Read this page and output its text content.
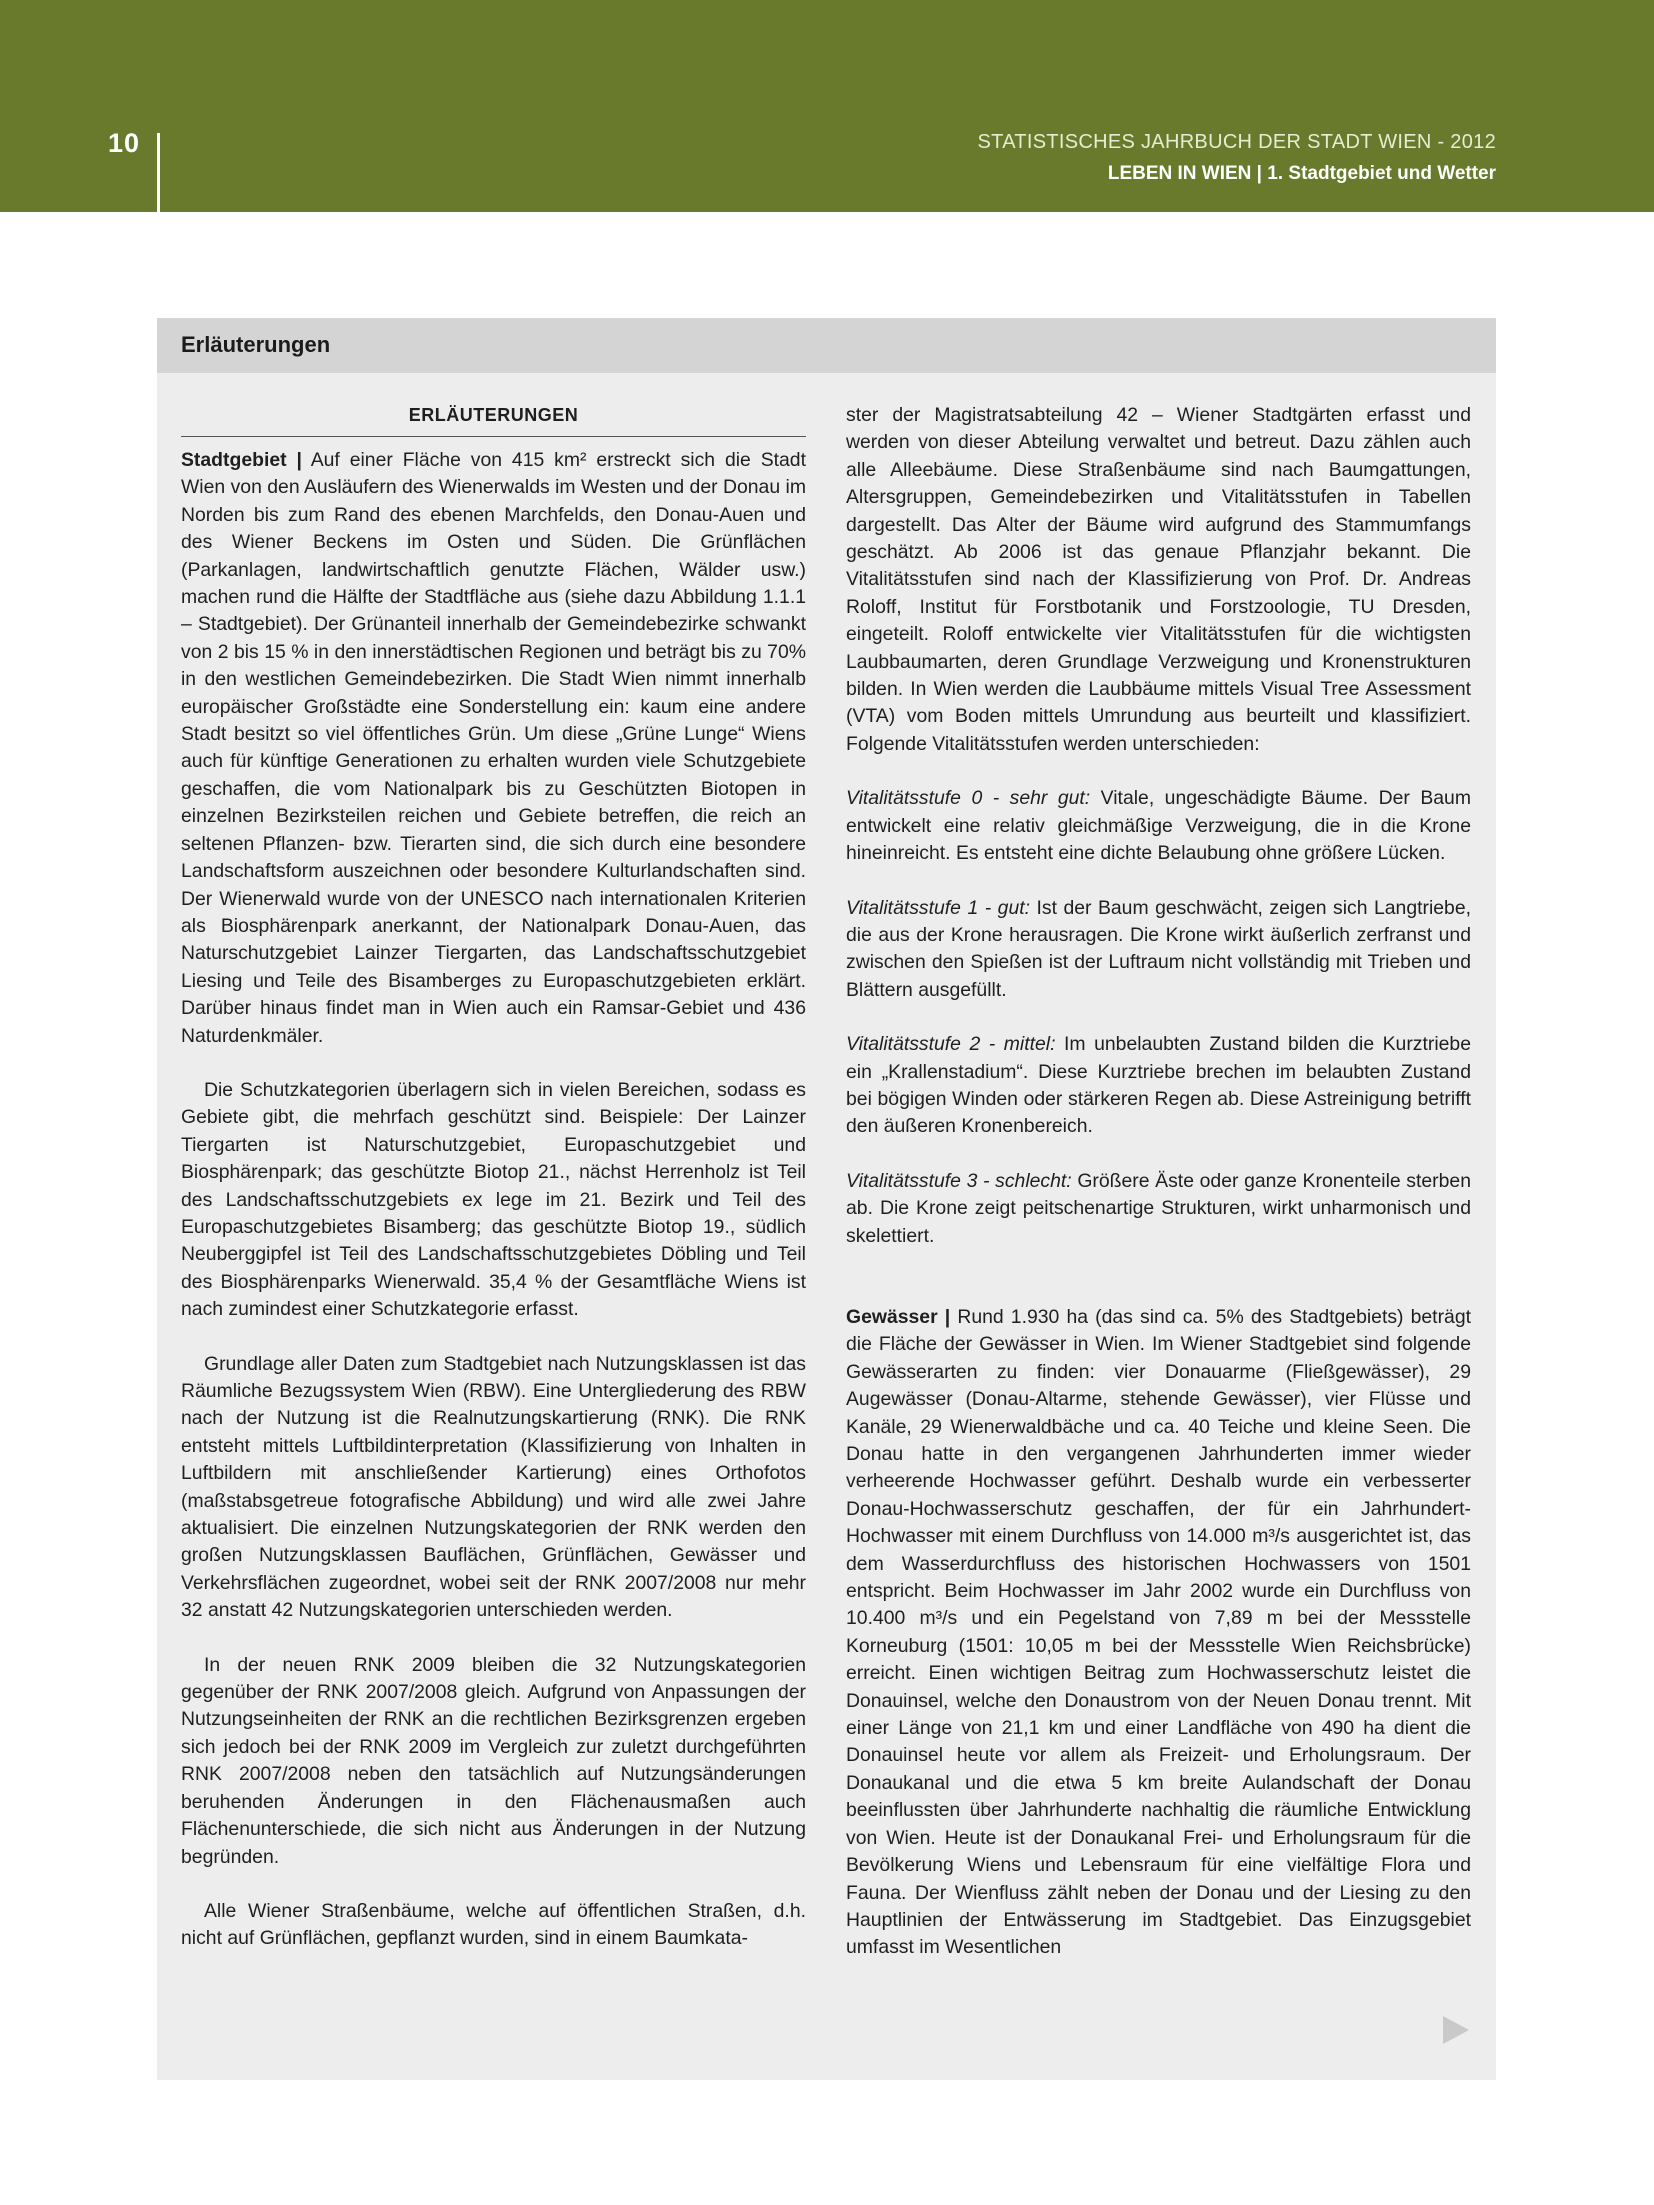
10	STATISTISCHES JAHRBUCH DER STADT WIEN - 2012
LEBEN IN WIEN | 1. Stadtgebiet und Wetter
Erläuterungen
ERLÄUTERUNGEN

Stadtgebiet | Auf einer Fläche von 415 km² erstreckt sich die Stadt Wien von den Ausläufern des Wienerwalds im Westen und der Donau im Norden bis zum Rand des ebenen Marchfelds, den Donau-Auen und des Wiener Beckens im Osten und Süden. Die Grünflächen (Parkanlagen, landwirtschaftlich genutzte Flächen, Wälder usw.) machen rund die Hälfte der Stadtfläche aus (siehe dazu Abbildung 1.1.1 – Stadtgebiet). Der Grünanteil innerhalb der Gemeindebezirke schwankt von 2 bis 15 % in den innerstädtischen Regionen und beträgt bis zu 70% in den westlichen Gemeindebezirken. Die Stadt Wien nimmt innerhalb europäischer Großstädte eine Sonderstellung ein: kaum eine andere Stadt besitzt so viel öffentliches Grün. Um diese „Grüne Lunge“ Wiens auch für künftige Generationen zu erhalten wurden viele Schutzgebiete geschaffen, die vom Nationalpark bis zu Geschützten Biotopen in einzelnen Bezirksteilen reichen und Gebiete betreffen, die reich an seltenen Pflanzen- bzw. Tierarten sind, die sich durch eine besondere Landschaftsform auszeichnen oder besondere Kulturlandschaften sind. Der Wienerwald wurde von der UNESCO nach internationalen Kriterien als Biosphärenpark anerkannt, der Nationalpark Donau-Auen, das Naturschutzgebiet Lainzer Tiergarten, das Landschaftsschutzgebiet Liesing und Teile des Bisamberges zu Europaschutzgebieten erklärt. Darüber hinaus findet man in Wien auch ein Ramsar-Gebiet und 436 Naturdenkmäler.

Die Schutzkategorien überlagern sich in vielen Bereichen, sodass es Gebiete gibt, die mehrfach geschützt sind. Beispiele: Der Lainzer Tiergarten ist Naturschutzgebiet, Europaschutzgebiet und Biosphärenpark; das geschützte Biotop 21., nächst Herrenholz ist Teil des Landschaftsschutzgebiets ex lege im 21. Bezirk und Teil des Europaschutzgebietes Bisamberg; das geschützte Biotop 19., südlich Neuberggipfel ist Teil des Landschaftsschutzgebietes Döbling und Teil des Biosphärenparks Wienerwald. 35,4 % der Gesamtfläche Wiens ist nach zumindest einer Schutzkategorie erfasst.

Grundlage aller Daten zum Stadtgebiet nach Nutzungsklassen ist das Räumliche Bezugssystem Wien (RBW). Eine Untergliederung des RBW nach der Nutzung ist die Realnutzungskartierung (RNK). Die RNK entsteht mittels Luftbildinterpretation (Klassifizierung von Inhalten in Luftbildern mit anschließender Kartierung) eines Orthofotos (maßstabsgetreue fotografische Abbildung) und wird alle zwei Jahre aktualisiert. Die einzelnen Nutzungskategorien der RNK werden den großen Nutzungsklassen Bauflächen, Grünflächen, Gewässer und Verkehrsflächen zugeordnet, wobei seit der RNK 2007/2008 nur mehr 32 anstatt 42 Nutzungskategorien unterschieden werden.

In der neuen RNK 2009 bleiben die 32 Nutzungskategorien gegenüber der RNK 2007/2008 gleich. Aufgrund von Anpassungen der Nutzungseinheiten der RNK an die rechtlichen Bezirksgrenzen ergeben sich jedoch bei der RNK 2009 im Vergleich zur zuletzt durchgeführten RNK 2007/2008 neben den tatsächlich auf Nutzungsänderungen beruhenden Änderungen in den Flächenausmaßen auch Flächenunterschiede, die sich nicht aus Änderungen in der Nutzung begründen.

Alle Wiener Straßenbäume, welche auf öffentlichen Straßen, d.h. nicht auf Grünflächen, gepflanzt wurden, sind in einem Baumkata-

ster der Magistratsabteilung 42 – Wiener Stadtgärten erfasst und werden von dieser Abteilung verwaltet und betreut. Dazu zählen auch alle Alleebäume. Diese Straßenbäume sind nach Baumgattungen, Altersgruppen, Gemeindebezirken und Vitalitätsstufen in Tabellen dargestellt. Das Alter der Bäume wird aufgrund des Stammumfangs geschätzt. Ab 2006 ist das genaue Pflanzjahr bekannt. Die Vitalitätsstufen sind nach der Klassifizierung von Prof. Dr. Andreas Roloff, Institut für Forstbotanik und Forstzoologie, TU Dresden, eingeteilt. Roloff entwickelte vier Vitalitätsstufen für die wichtigsten Laubbaumarten, deren Grundlage Verzweigung und Kronenstrukturen bilden. In Wien werden die Laubbäume mittels Visual Tree Assessment (VTA) vom Boden mittels Umrundung aus beurteilt und klassifiziert. Folgende Vitalitätsstufen werden unterschieden:

Vitalitätsstufe 0 - sehr gut: Vitale, ungeschädigte Bäume. Der Baum entwickelt eine relativ gleichmäßige Verzweigung, die in die Krone hineinreicht. Es entsteht eine dichte Belaubung ohne größere Lücken.

Vitalitätsstufe 1 - gut: Ist der Baum geschwächt, zeigen sich Langtriebe, die aus der Krone herausragen. Die Krone wirkt äußerlich zerfranst und zwischen den Spießen ist der Luftraum nicht vollständig mit Trieben und Blättern ausgefüllt.

Vitalitätsstufe 2 - mittel: Im unbelaubten Zustand bilden die Kurztriebe ein „Krallenstadium“. Diese Kurztriebe brechen im belaubten Zustand bei bögigen Winden oder stärkeren Regen ab. Diese Astreinigung betrifft den äußeren Kronenbereich.

Vitalitätsstufe 3 - schlecht: Größere Äste oder ganze Kronenteile sterben ab. Die Krone zeigt peitschenartige Strukturen, wirkt unharmonisch und skelettiert.

Gewässer | Rund 1.930 ha (das sind ca. 5% des Stadtgebiets) beträgt die Fläche der Gewässer in Wien. Im Wiener Stadtgebiet sind folgende Gewässerarten zu finden: vier Donauarme (Fließgewässer), 29 Augewässer (Donau-Altarme, stehende Gewässer), vier Flüsse und Kanäle, 29 Wienerwaldbäche und ca. 40 Teiche und kleine Seen. Die Donau hatte in den vergangenen Jahrhunderten immer wieder verheerende Hochwasser geführt. Deshalb wurde ein verbesserter Donau-Hochwasserschutz geschaffen, der für ein Jahrhundert-Hochwasser mit einem Durchfluss von 14.000 m³/s ausgerichtet ist, das dem Wasserdurchfluss des historischen Hochwassers von 1501 entspricht. Beim Hochwasser im Jahr 2002 wurde ein Durchfluss von 10.400 m³/s und ein Pegelstand von 7,89 m bei der Messstelle Korneuburg (1501: 10,05 m bei der Messstelle Wien Reichsbrücke) erreicht. Einen wichtigen Beitrag zum Hochwasserschutz leistet die Donauinsel, welche den Donaustrom von der Neuen Donau trennt. Mit einer Länge von 21,1 km und einer Landfläche von 490 ha dient die Donauinsel heute vor allem als Freizeit- und Erholungsraum. Der Donaukanal und die etwa 5 km breite Aulandschaft der Donau beeinflussten über Jahrhunderte nachhaltig die räumliche Entwicklung von Wien. Heute ist der Donaukanal Frei- und Erholungsraum für die Bevölkerung Wiens und Lebensraum für eine vielfältige Flora und Fauna. Der Wienfluss zählt neben der Donau und der Liesing zu den Hauptlinien der Entwässerung im Stadtgebiet. Das Einzugsgebiet umfasst im Wesentlichen
